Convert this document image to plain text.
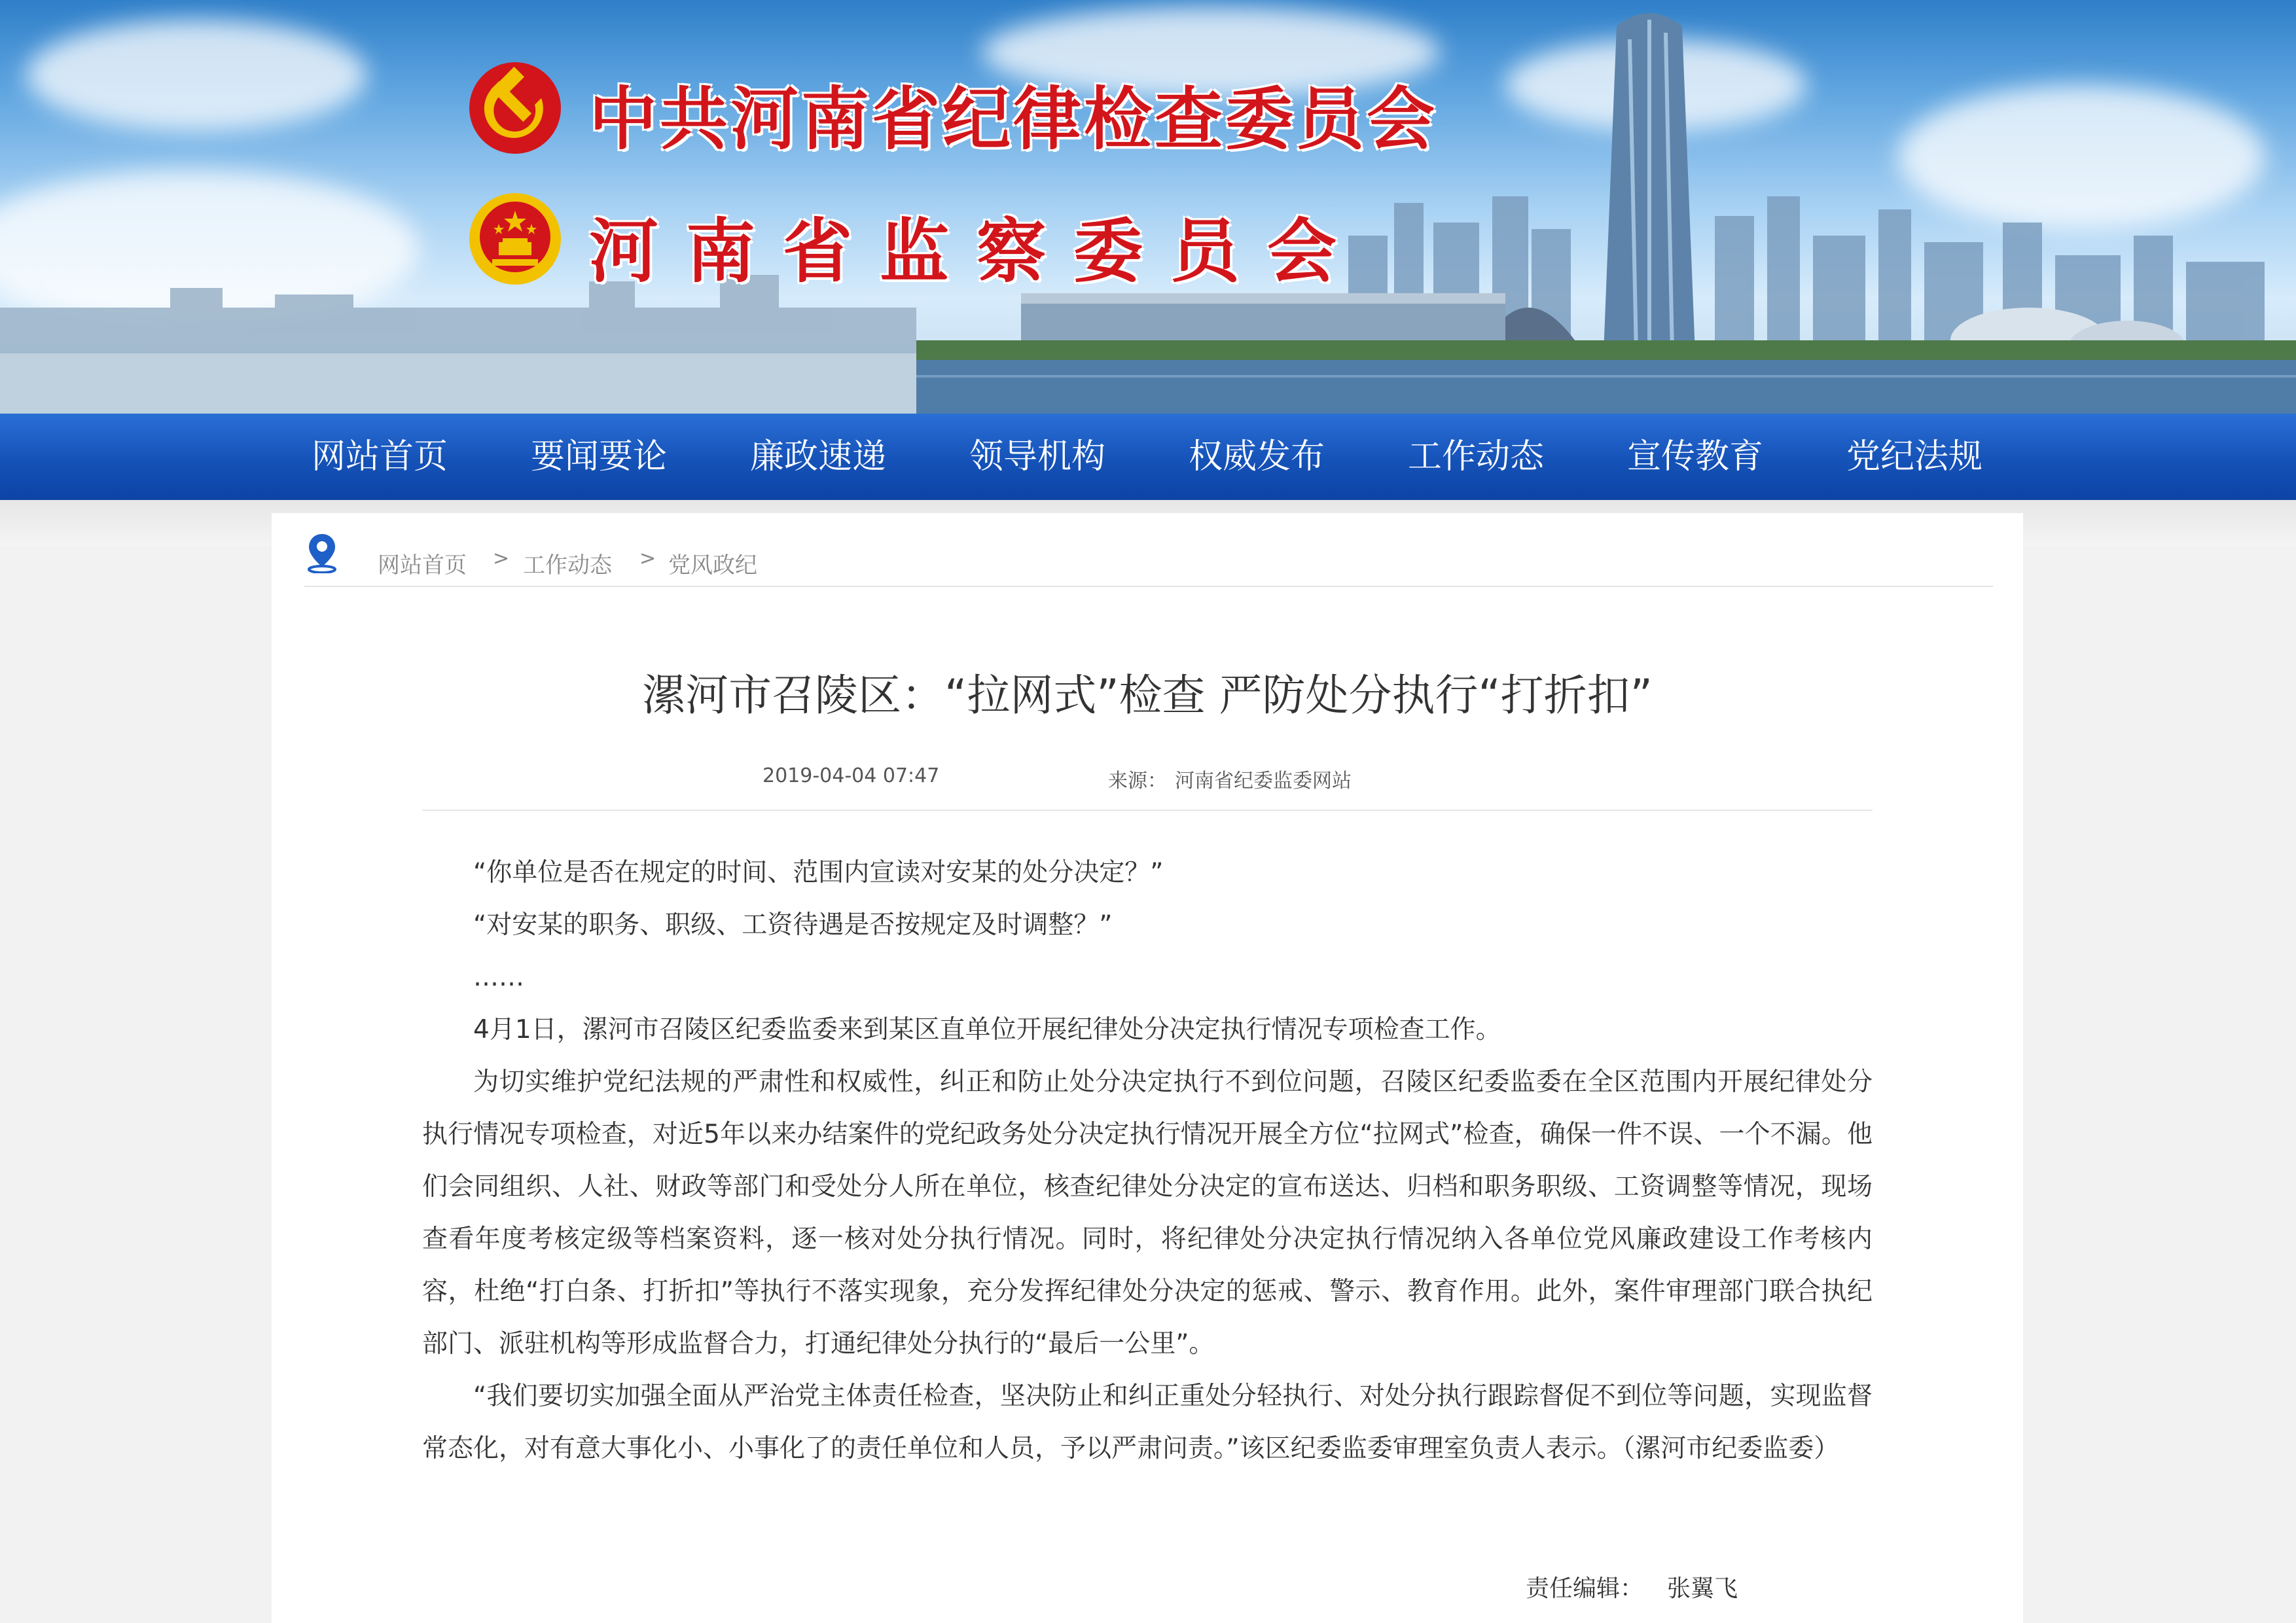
中共河南省纪律检查委员会
河南省监察委员会
网站首页	要闻要论	廉政速递	领导机构	权威发布	工作动态	宣传教育	党纪法规
网站首页 > 工作动态 > 党风政纪
漯河市召陵区：“拉网式”检查 严防处分执行“打折扣”
2019-04-04 07:47	来源： 河南省纪委监委网站

“你单位是否在规定的时间、范围内宣读对安某的处分决定？”

“对安某的职务、职级、工资待遇是否按规定及时调整？”

……

4月1日，漯河市召陵区纪委监委来到某区直单位开展纪律处分决定执行情况专项检查工作。

为切实维护党纪法规的严肃性和权威性，纠正和防止处分决定执行不到位问题，召陵区纪委监委在全区范围内开展纪律处分执行情况专项检查，对近5年以来办结案件的党纪政务处分决定执行情况开展全方位“拉网式”检查，确保一件不误、一个不漏。他们会同组织、人社、财政等部门和受处分人所在单位，核查纪律处分决定的宣布送达、归档和职务职级、工资调整等情况，现场查看年度考核定级等档案资料，逐一核对处分执行情况。同时，将纪律处分决定执行情况纳入各单位党风廉政建设工作考核内容，杜绝“打白条、打折扣”等执行不落实现象，充分发挥纪律处分决定的惩戒、警示、教育作用。此外，案件审理部门联合执纪部门、派驻机构等形成监督合力，打通纪律处分执行的“最后一公里”。

“我们要切实加强全面从严治党主体责任检查，坚决防止和纠正重处分轻执行、对处分执行跟踪督促不到位等问题，实现监督常态化，对有意大事化小、小事化了的责任单位和人员，予以严肃问责。”该区纪委监委审理室负责人表示。（漯河市纪委监委）

责任编辑： 张翼飞
